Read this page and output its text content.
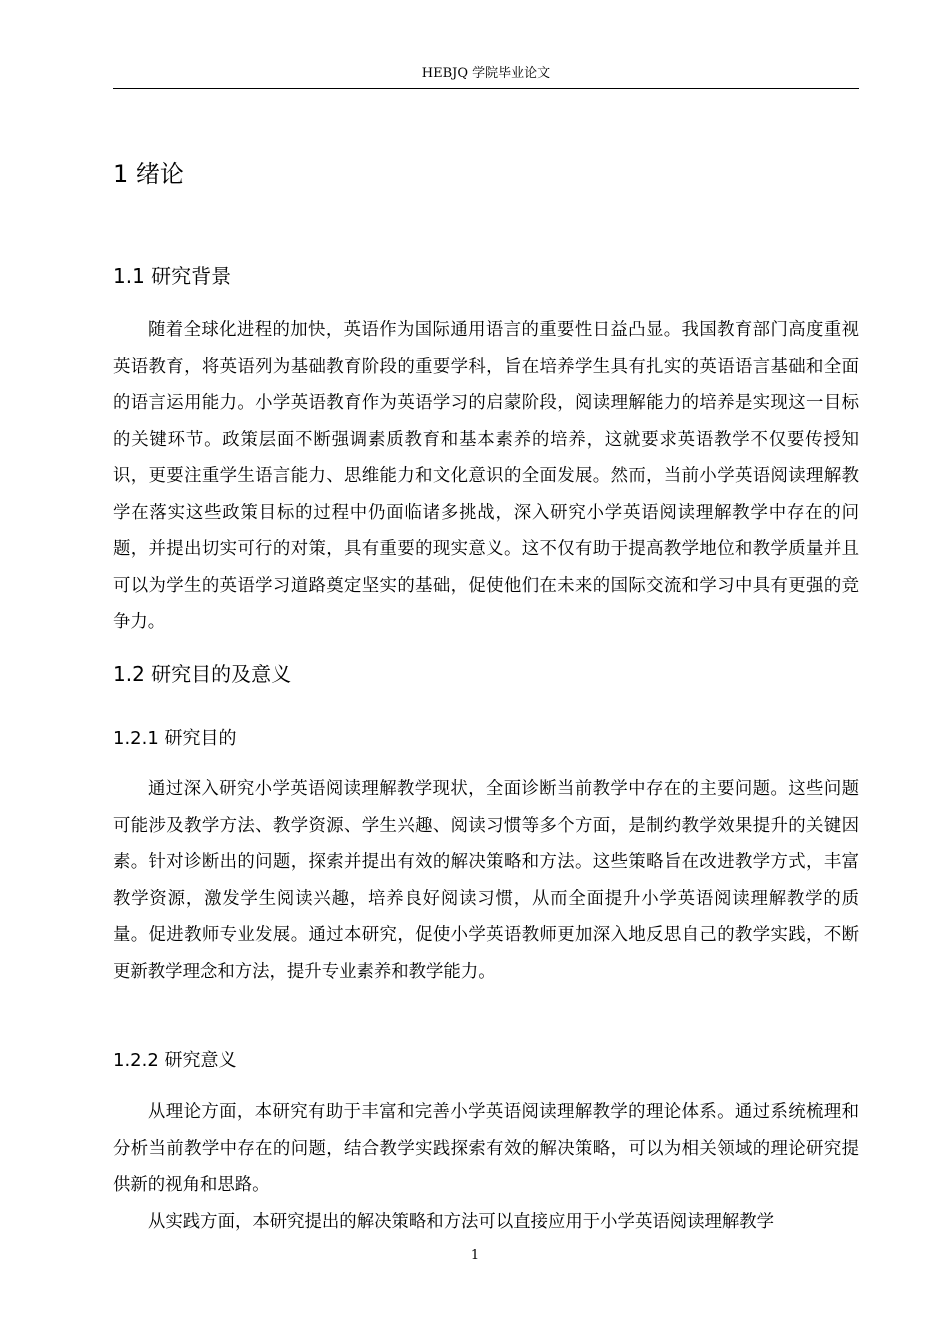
HEBJQ 学院毕业论文
1 绪论
1.1 研究背景

随着全球化进程的加快，英语作为国际通用语言的重要性日益凸显。我国教育部门高度重视英语教育，将英语列为基础教育阶段的重要学科，旨在培养学生具有扎实的英语语言基础和全面的语言运用能力。小学英语教育作为英语学习的启蒙阶段，阅读理解能力的培养是实现这一目标的关键环节。政策层面不断强调素质教育和基本素养的培养，这就要求英语教学不仅要传授知识，更要注重学生语言能力、思维能力和文化意识的全面发展。然而，当前小学英语阅读理解教学在落实这些政策目标的过程中仍面临诸多挑战，深入研究小学英语阅读理解教学中存在的问题，并提出切实可行的对策，具有重要的现实意义。这不仅有助于提高教学地位和教学质量并且可以为学生的英语学习道路奠定坚实的基础，促使他们在未来的国际交流和学习中具有更强的竞争力。

1.2 研究目的及意义
1.2.1 研究目的

通过深入研究小学英语阅读理解教学现状，全面诊断当前教学中存在的主要问题。这些问题可能涉及教学方法、教学资源、学生兴趣、阅读习惯等多个方面，是制约教学效果提升的关键因素。针对诊断出的问题，探索并提出有效的解决策略和方法。这些策略旨在改进教学方式，丰富教学资源，激发学生阅读兴趣，培养良好阅读习惯，从而全面提升小学英语阅读理解教学的质量。促进教师专业发展。通过本研究，促使小学英语教师更加深入地反思自己的教学实践，不断更新教学理念和方法，提升专业素养和教学能力。

1.2.2 研究意义

从理论方面，本研究有助于丰富和完善小学英语阅读理解教学的理论体系。通过系统梳理和分析当前教学中存在的问题，结合教学实践探索有效的解决策略，可以为相关领域的理论研究提供新的视角和思路。

从实践方面，本研究提出的解决策略和方法可以直接应用于小学英语阅读理解教学

1
